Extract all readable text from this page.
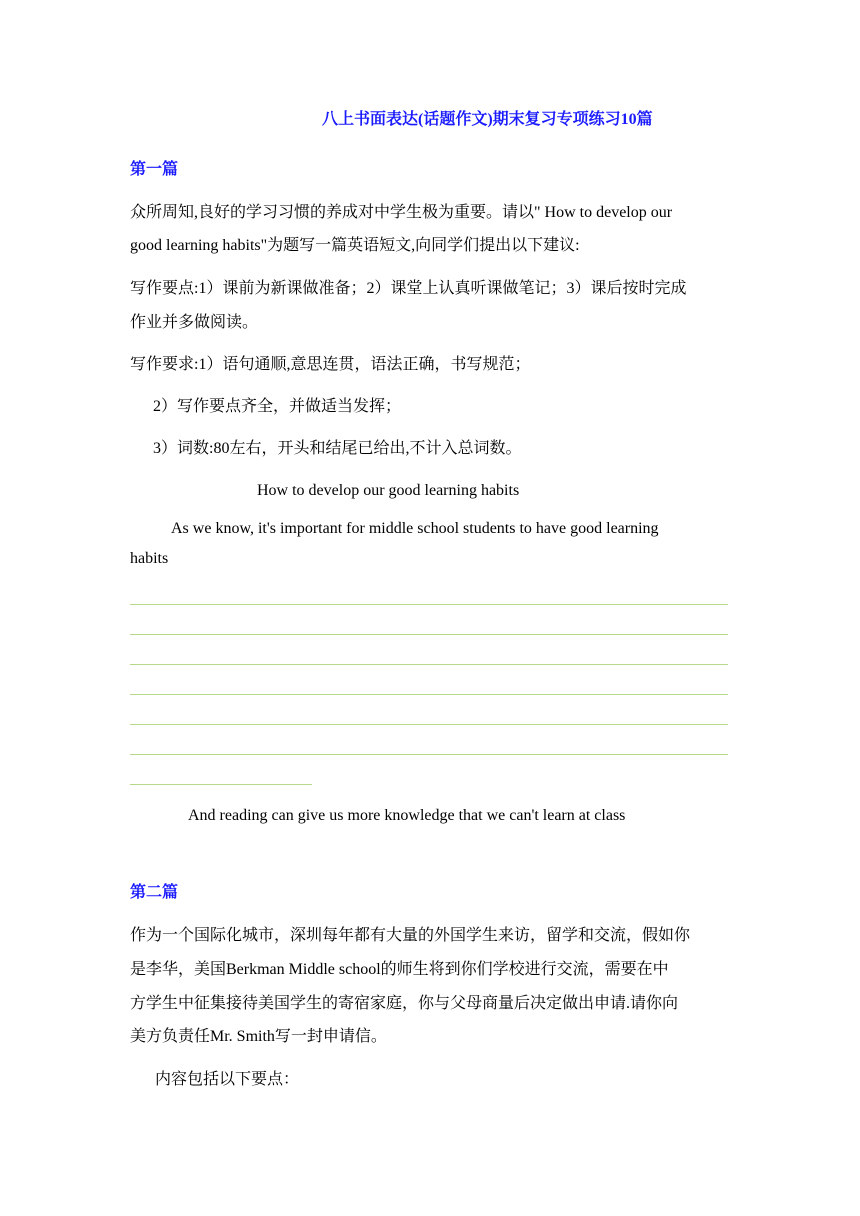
八上书面表达(话题作文)期末复习专项练习10篇
第一篇
众所周知,良好的学习习惯的养成对中学生极为重要。请以" How to develop our
good learning habits"为题写一篇英语短文,向同学们提出以下建议:
写作要点:1）课前为新课做准备；2）课堂上认真听课做笔记；3）课后按时完成
作业并多做阅读。
写作要求:1）语句通顺,意思连贯，语法正确，书写规范；
2）写作要点齐全，并做适当发挥；
3）词数:80左右，开头和结尾已给出,不计入总词数。
How to develop our good learning habits
As we know, it's important for middle school students to have good learning
habits
And reading can give us more knowledge that we can't learn at class
第二篇
作为一个国际化城市，深圳每年都有大量的外国学生来访，留学和交流，假如你
是李华，美国Berkman Middle school的师生将到你们学校进行交流，需要在中
方学生中征集接待美国学生的寄宿家庭，你与父母商量后决定做出申请.请你向
美方负责任Mr. Smith写一封申请信。
内容包括以下要点：
